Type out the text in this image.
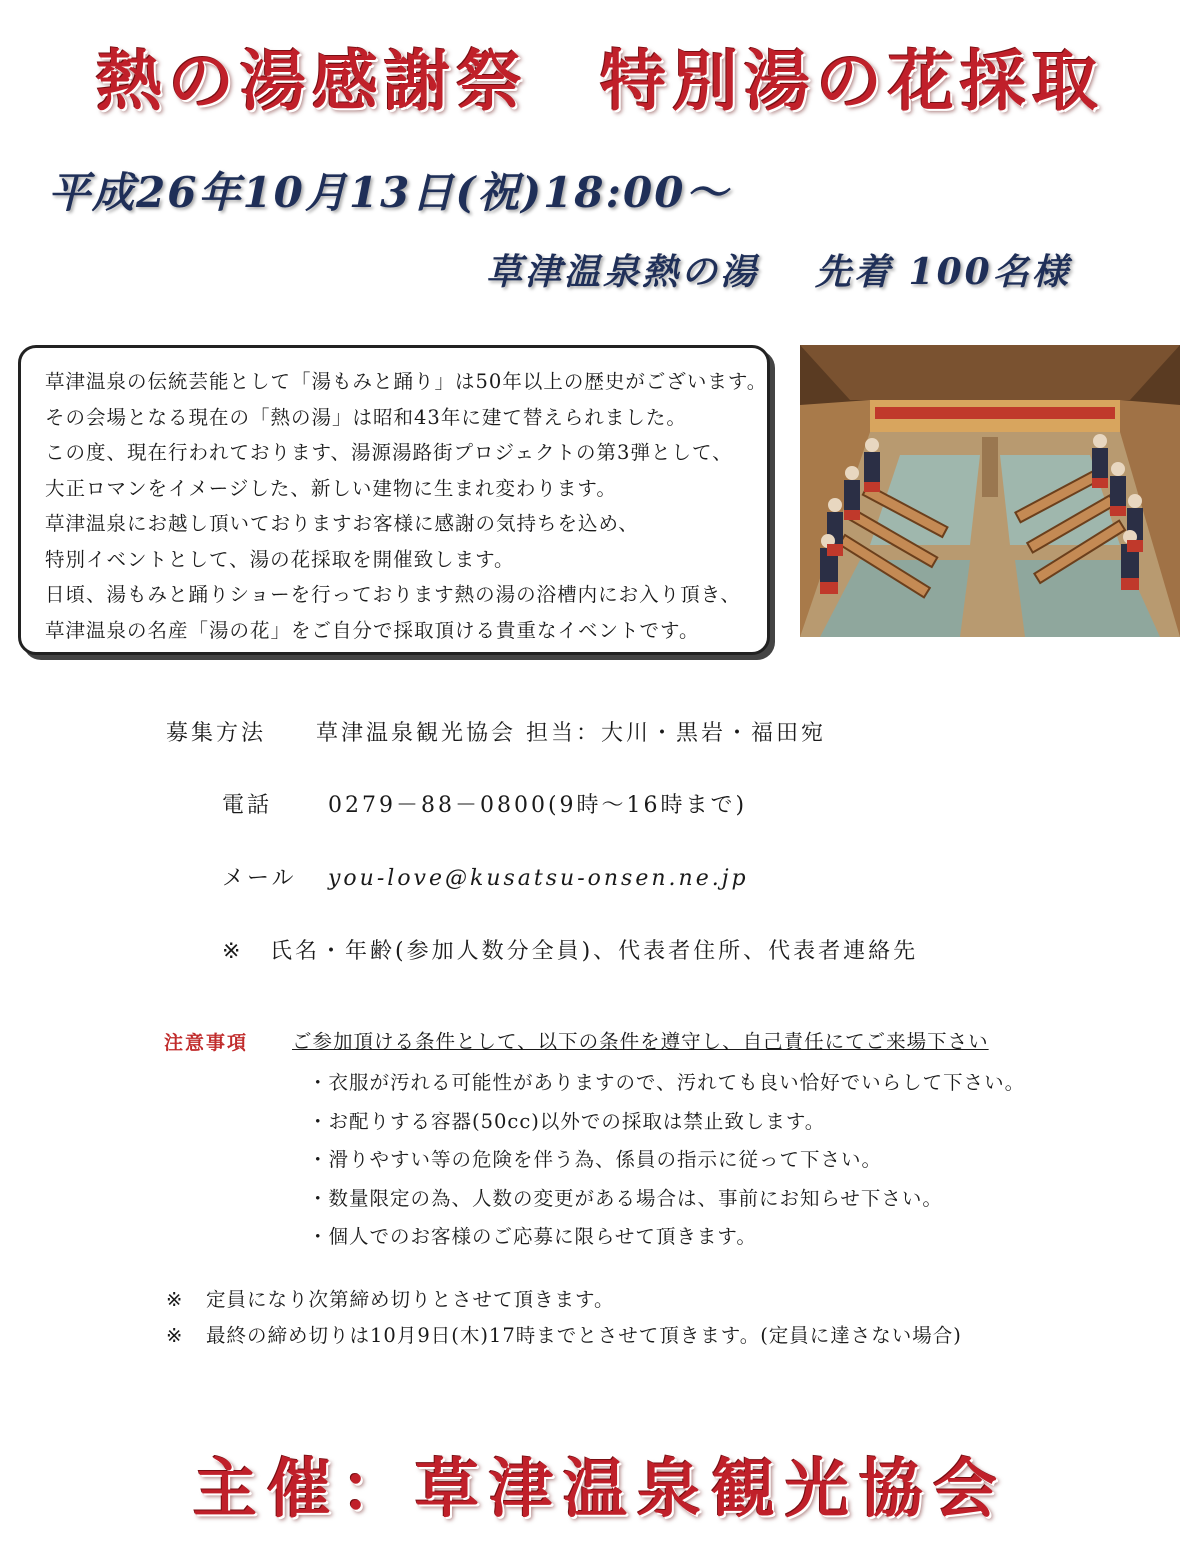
熱の湯感謝祭　特別湯の花採取
平成26年10月13日(祝)18:00～
草津温泉熱の湯 先着 100名様

草津温泉の伝統芸能として「湯もみと踊り」は50年以上の歴史がございます。

その会場となる現在の「熱の湯」は昭和43年に建て替えられました。

この度、現在行われております、湯源湯路街プロジェクトの第3弾として、

大正ロマンをイメージした、新しい建物に生まれ変わります。

草津温泉にお越し頂いておりますお客様に感謝の気持ちを込め、

特別イベントとして、湯の花採取を開催致します。

日頃、湯もみと踊りショーを行っております熱の湯の浴槽内にお入り頂き、

草津温泉の名産「湯の花」をご自分で採取頂ける貴重なイベントです。

募集方法 草津温泉観光協会 担当：大川・黒岩・福田宛
電話	0279－88－0800(9時～16時まで)
メール you-love@kusatsu-onsen.ne.jp
※ 氏名・年齢(参加人数分全員)、代表者住所、代表者連絡先
注意事項 ご参加頂ける条件として、以下の条件を遵守し、自己責任にてご来場下さい
・衣服が汚れる可能性がありますので、汚れても良い恰好でいらして下さい。
・お配りする容器(50cc)以外での採取は禁止致します。
・滑りやすい等の危険を伴う為、係員の指示に従って下さい。
・数量限定の為、人数の変更がある場合は、事前にお知らせ下さい。
・個人でのお客様のご応募に限らせて頂きます。
※ 定員になり次第締め切りとさせて頂きます。
※ 最終の締め切りは10月9日(木)17時までとさせて頂きます。(定員に達さない場合)
主催：草津温泉観光協会
